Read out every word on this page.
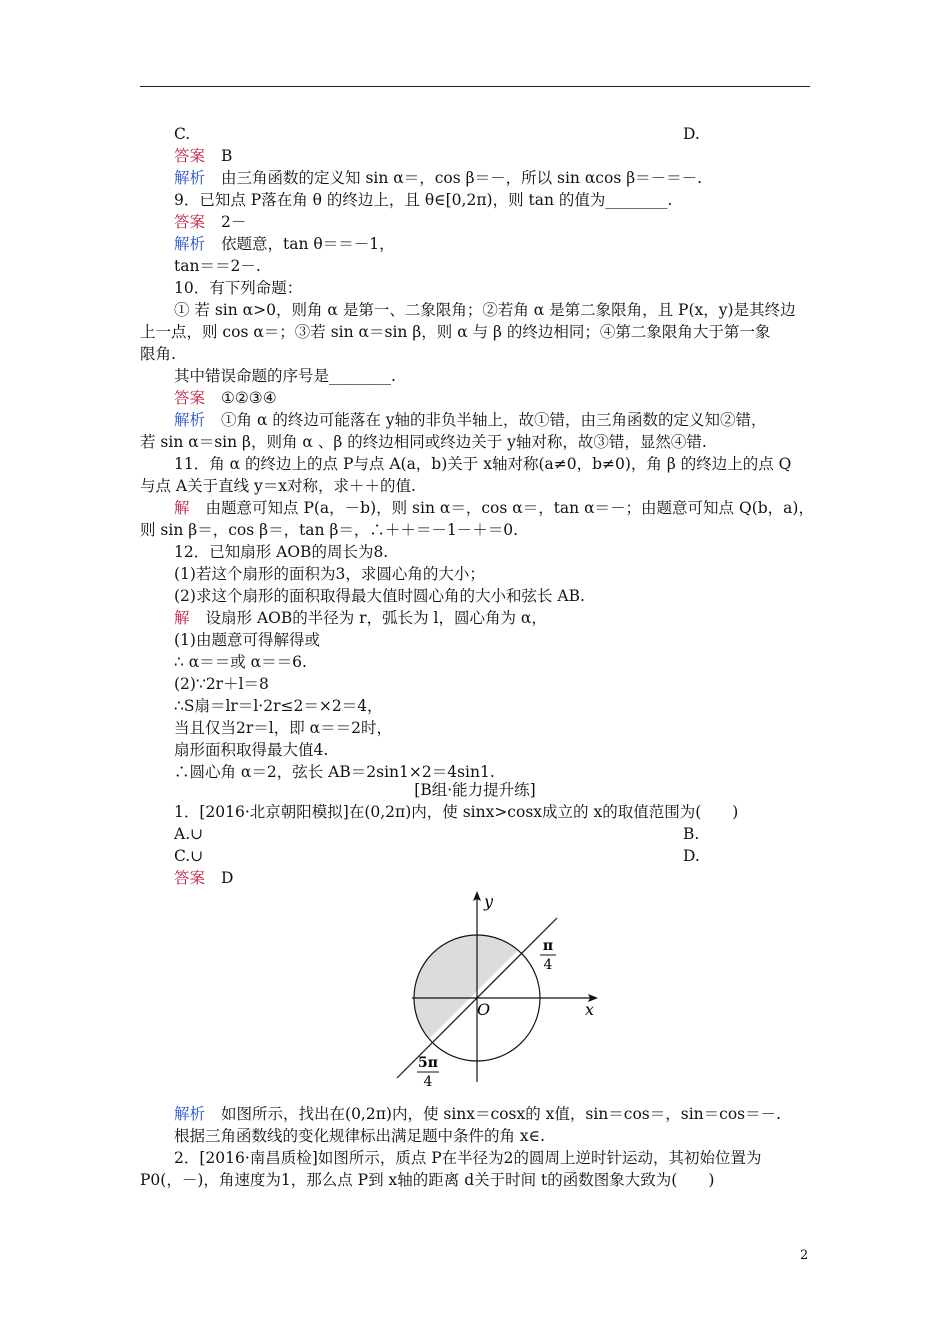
C.	D.
答案 B
解析 由三角函数的定义知 sin α＝，cos β＝－，所以 sin αcos β＝－＝－.
9．已知点 P落在角 θ 的终边上，且 θ∈[0,2π)，则 tan 的值为________.
答案 2－
解析 依题意，tan θ＝＝－1，
tan＝＝2－.
10．有下列命题：
① 若 sin α>0，则角 α 是第一、二象限角；②若角 α 是第二象限角，且 P(x，y)是其终边
上一点，则 cos α＝；③若 sin α＝sin β，则 α 与 β 的终边相同；④第二象限角大于第一象
限角.
其中错误命题的序号是________.
答案 ①②③④
解析 ①角 α 的终边可能落在 y轴的非负半轴上，故①错，由三角函数的定义知②错，
若 sin α＝sin β，则角 α 、β 的终边相同或终边关于 y轴对称，故③错，显然④错.
11．角 α 的终边上的点 P与点 A(a，b)关于 x轴对称(a≠0，b≠0)，角 β 的终边上的点 Q
与点 A关于直线 y＝x对称，求＋＋的值.
解 由题意可知点 P(a，－b)，则 sin α＝，cos α＝，tan α＝－；由题意可知点 Q(b，a)，
则 sin β＝，cos β＝，tan β＝，∴＋＋＝－1－＋＝0.
12．已知扇形 AOB的周长为8.
(1)若这个扇形的面积为3，求圆心角的大小；
(2)求这个扇形的面积取得最大值时圆心角的大小和弦长 AB.
解 设扇形 AOB的半径为 r，弧长为 l，圆心角为 α，
(1)由题意可得解得或
∴ α＝＝或 α＝＝6.
(2)∵2r＋l＝8
∴S扇＝lr＝l·2r≤2＝×2＝4，
当且仅当2r＝l，即 α＝＝2时，
扇形面积取得最大值4.
∴圆心角 α＝2，弦长 AB＝2sin1×2＝4sin1.
[B组·能力提升练]
1．[2016·北京朝阳模拟]在(0,2π)内，使 sinx>cosx成立的 x的取值范围为(　　)
A.∪	B.
C.∪	D.
答案 D
y
x
O
π
4
5π
4
解析 如图所示，找出在(0,2π)内，使 sinx＝cosx的 x值，sin＝cos＝，sin＝cos＝－.
根据三角函数线的变化规律标出满足题中条件的角 x∈.
2．[2016·南昌质检]如图所示，质点 P在半径为2的圆周上逆时针运动，其初始位置为
P0(，－)，角速度为1，那么点 P到 x轴的距离 d关于时间 t的函数图象大致为(　　)
2
